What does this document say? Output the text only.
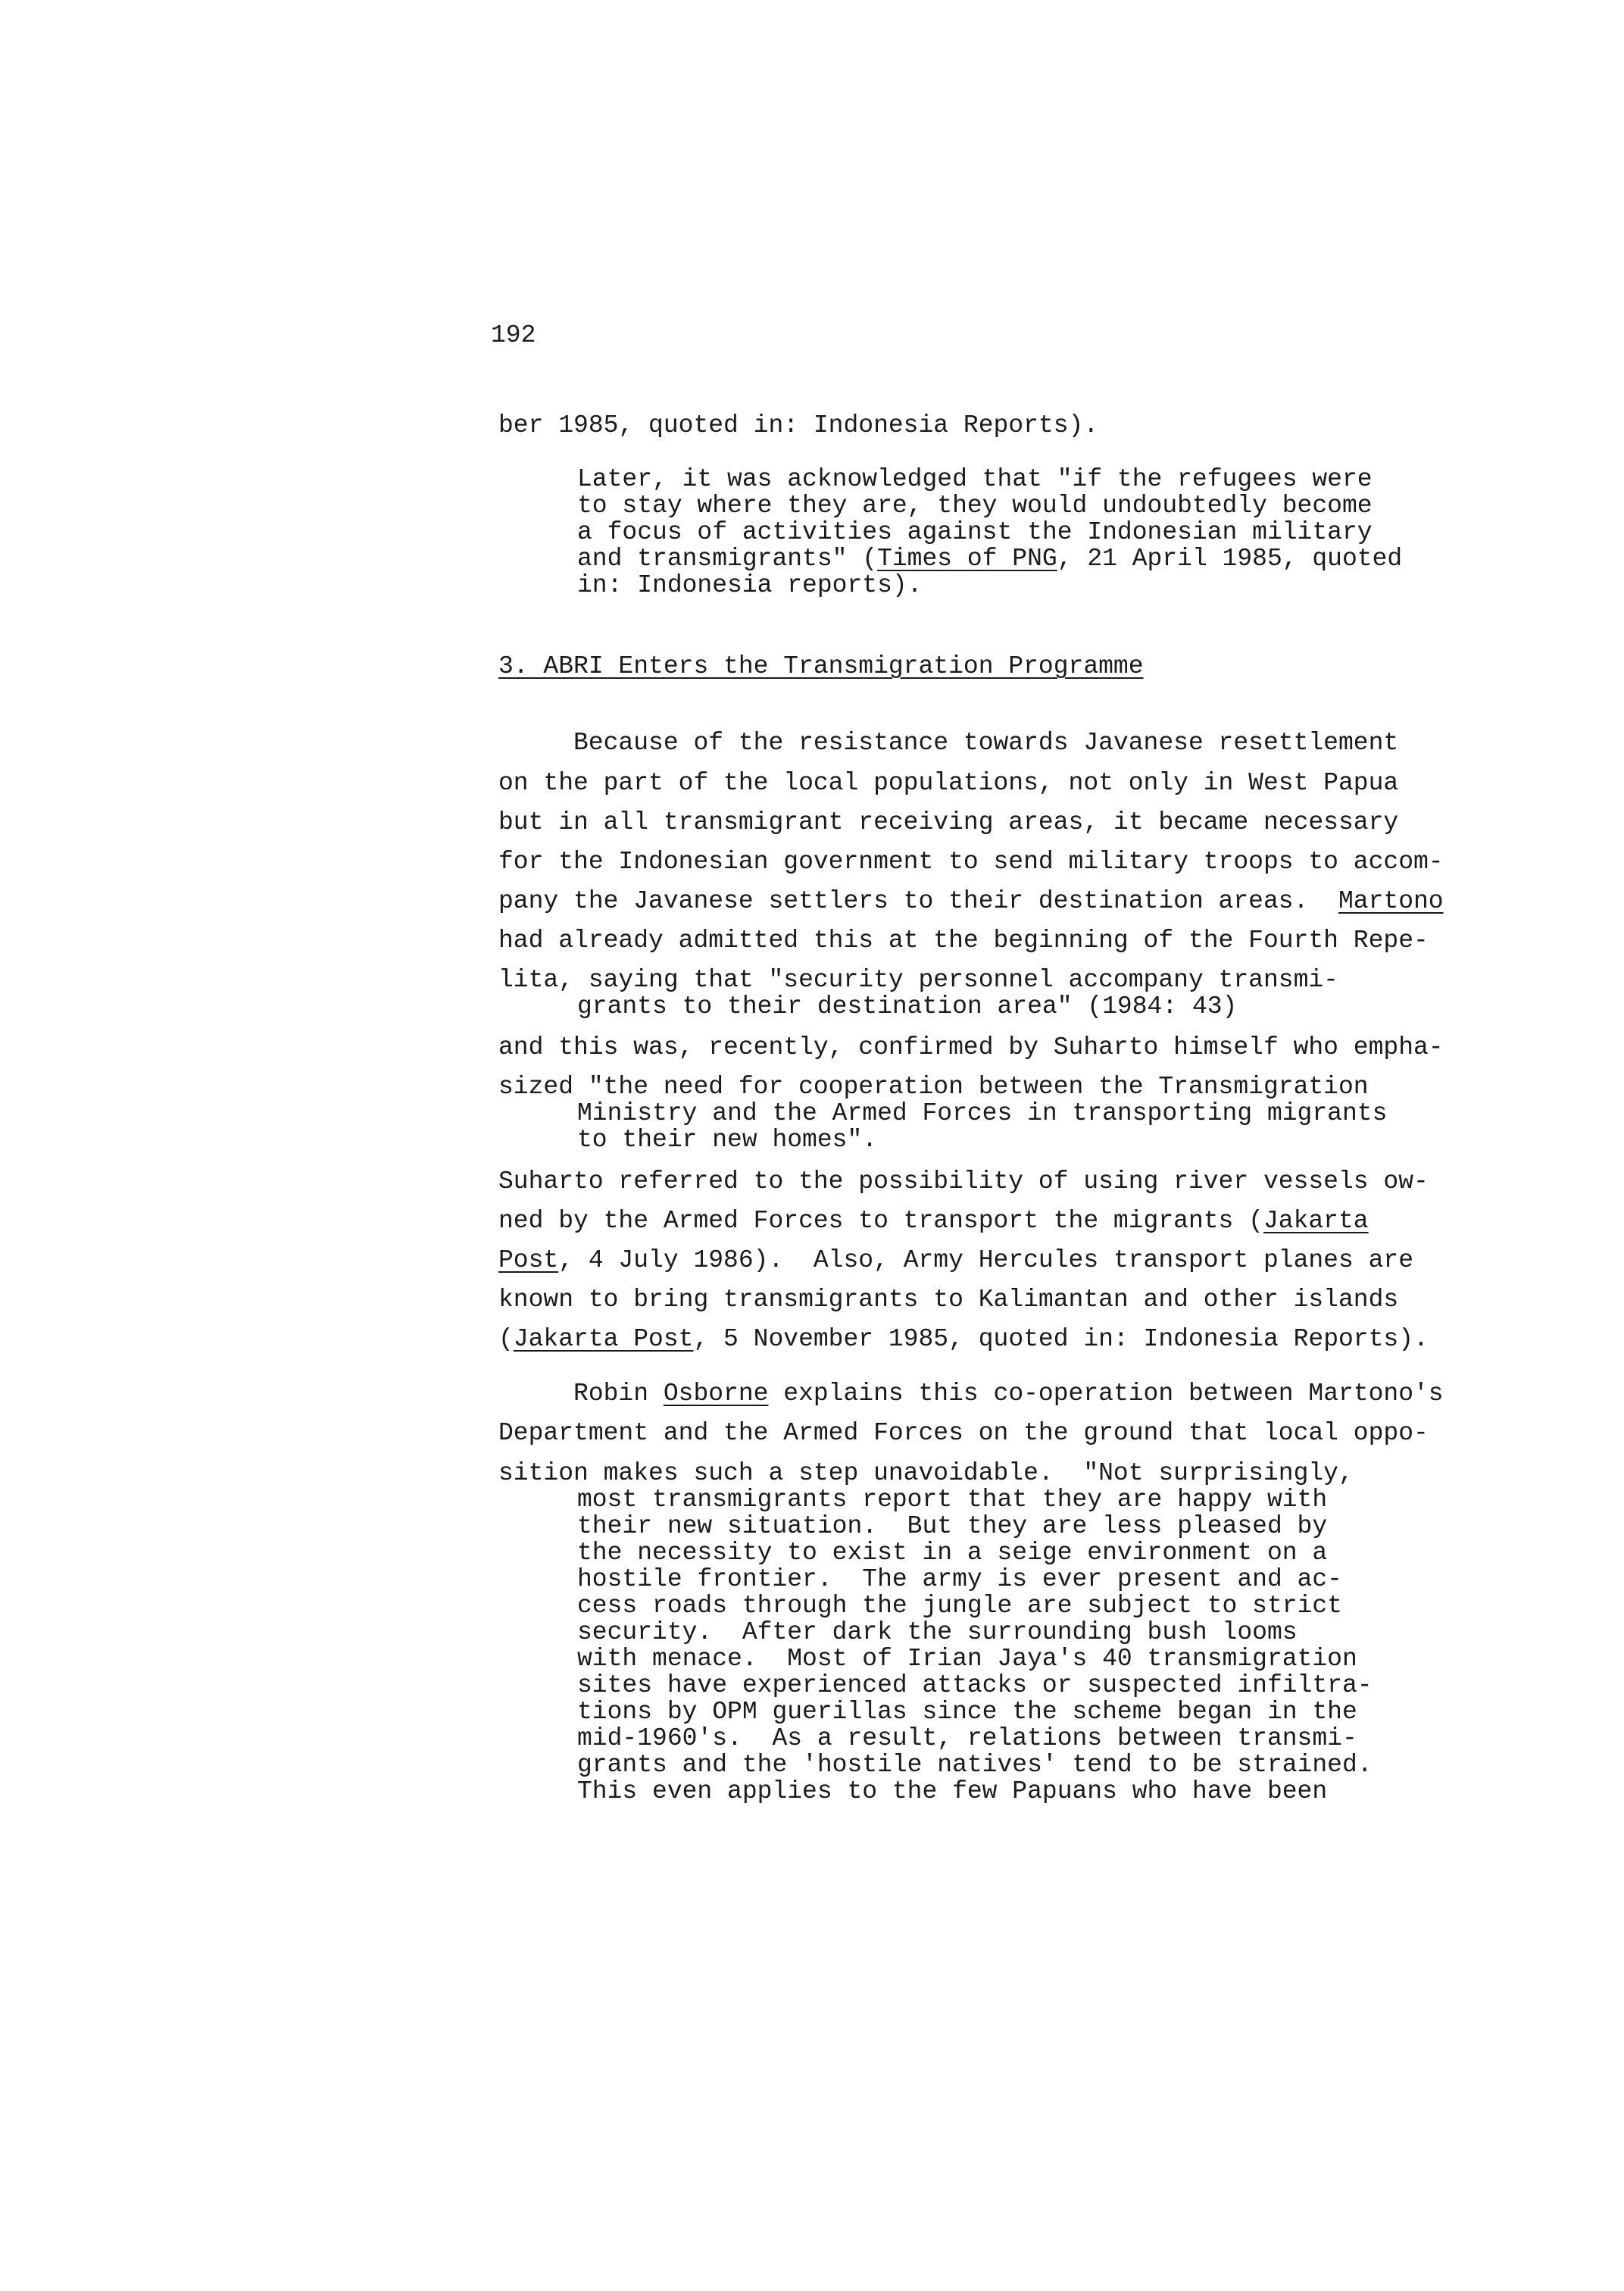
192
ber 1985, quoted in: Indonesia Reports).
Later, it was acknowledged that "if the refugees were
to stay where they are, they would undoubtedly become
a focus of activities against the Indonesian military
and transmigrants" (Times of PNG, 21 April 1985, quoted
in: Indonesia reports).
3. ABRI Enters the Transmigration Programme
Because of the resistance towards Javanese resettlement
on the part of the local populations, not only in West Papua
but in all transmigrant receiving areas, it became necessary
for the Indonesian government to send military troops to accom-
pany the Javanese settlers to their destination areas.  Martono
had already admitted this at the beginning of the Fourth Repe-
lita, saying that "security personnel accompany transmi-
grants to their destination area" (1984: 43)
and this was, recently, confirmed by Suharto himself who empha-
sized "the need for cooperation between the Transmigration
Ministry and the Armed Forces in transporting migrants
to their new homes".
Suharto referred to the possibility of using river vessels ow-
ned by the Armed Forces to transport the migrants (Jakarta
Post, 4 July 1986).  Also, Army Hercules transport planes are
known to bring transmigrants to Kalimantan and other islands
(Jakarta Post, 5 November 1985, quoted in: Indonesia Reports).
Robin Osborne explains this co-operation between Martono's
Department and the Armed Forces on the ground that local oppo-
sition makes such a step unavoidable.  "Not surprisingly,
most transmigrants report that they are happy with
their new situation.  But they are less pleased by
the necessity to exist in a seige environment on a
hostile frontier.  The army is ever present and ac-
cess roads through the jungle are subject to strict
security.  After dark the surrounding bush looms
with menace.  Most of Irian Jaya's 40 transmigration
sites have experienced attacks or suspected infiltra-
tions by OPM guerillas since the scheme began in the
mid-1960's.  As a result, relations between transmi-
grants and the 'hostile natives' tend to be strained.
This even applies to the few Papuans who have been
